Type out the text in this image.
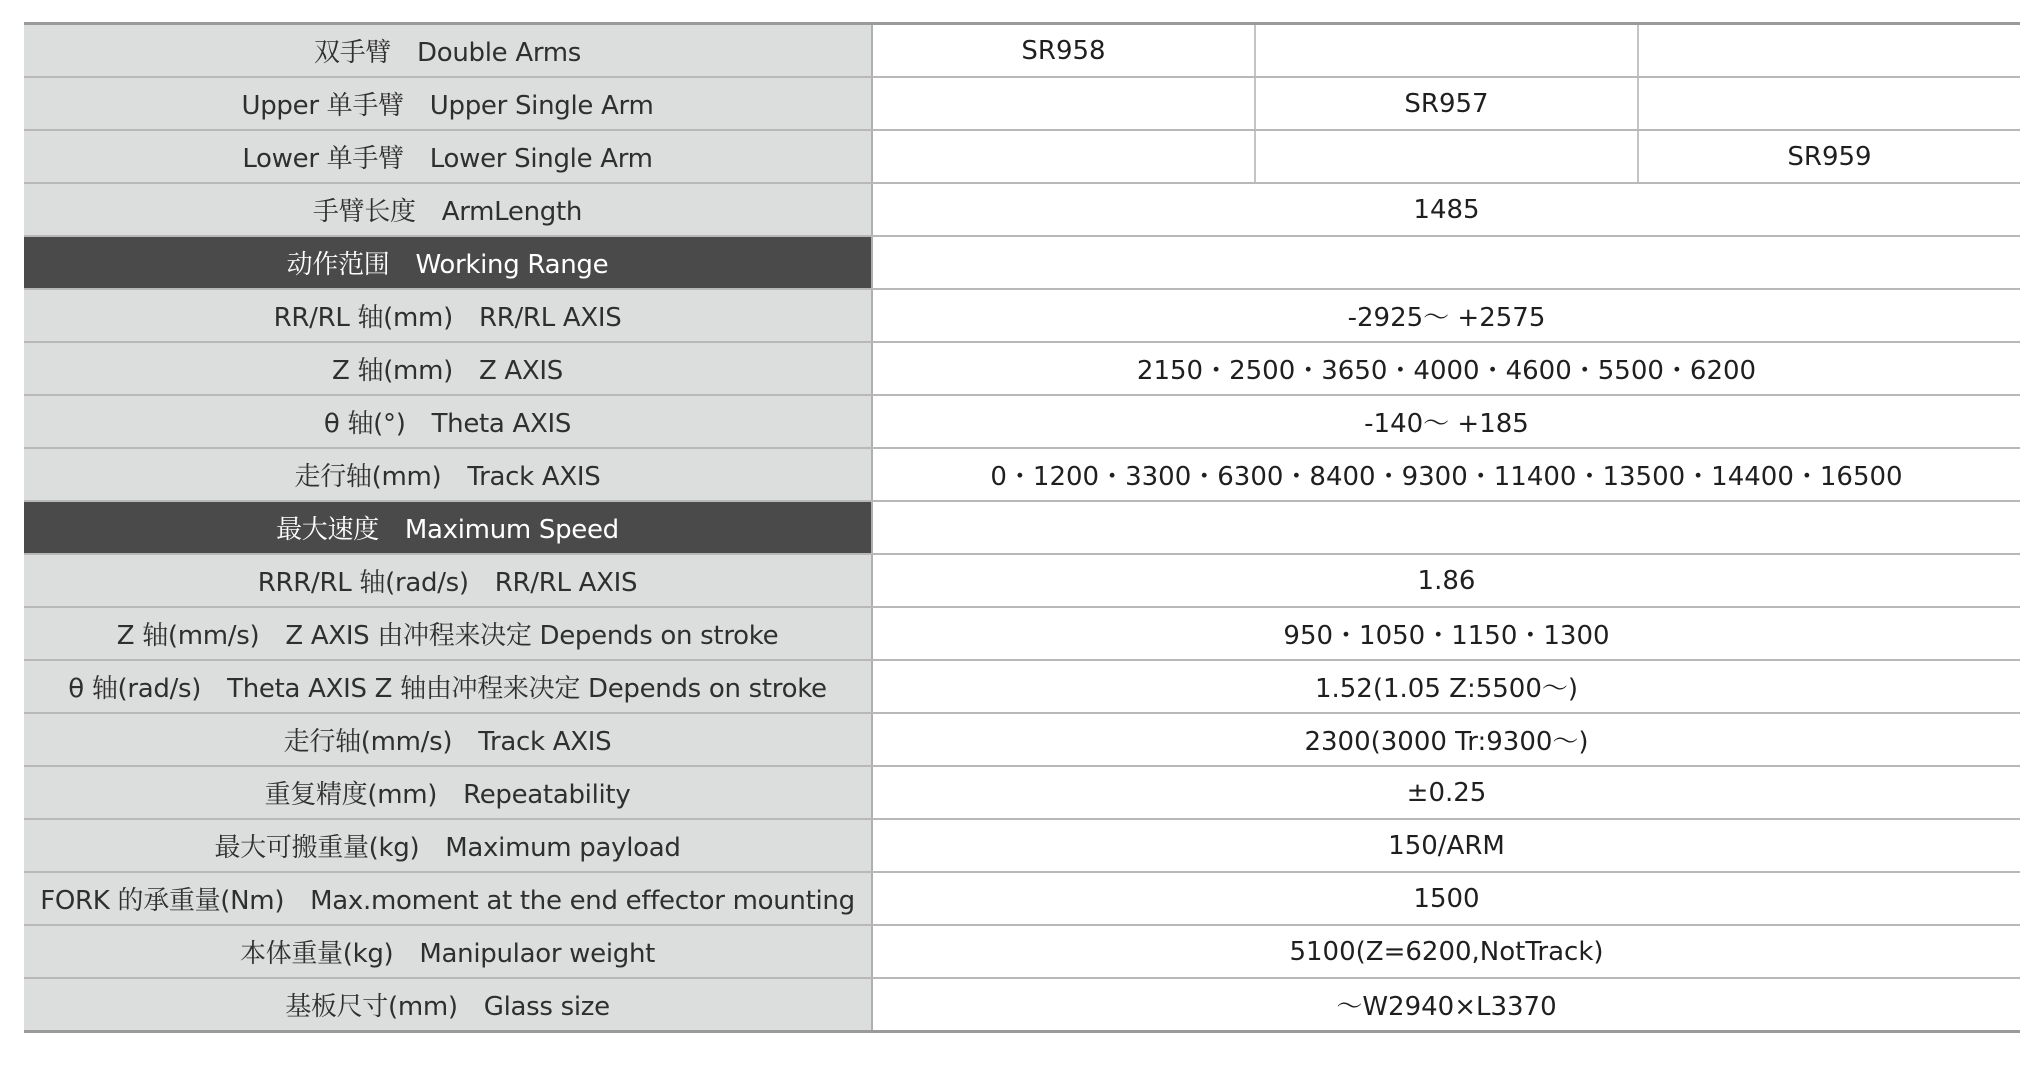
双手臂 Double Arms	SR958		
Upper 单手臂 Upper Single Arm		SR957	
Lower 单手臂 Lower Single Arm			SR959
手臂长度 ArmLength	1485		
动作范围 Working Range			
RR/RL 轴(mm) RR/RL AXIS	-2925～ +2575		
Z 轴(mm) Z AXIS	2150・2500・3650・4000・4600・5500・6200		
θ 轴(°) Theta AXIS	-140～ +185		
走行轴(mm) Track AXIS	0・1200・3300・6300・8400・9300・11400・13500・14400・16500		
最大速度 Maximum Speed			
RRR/RL 轴(rad/s) RR/RL AXIS	1.86		
Z 轴(mm/s) Z AXIS 由冲程来决定 Depends on stroke	950・1050・1150・1300		
θ 轴(rad/s) Theta AXIS Z 轴由冲程来决定 Depends on stroke	1.52(1.05 Z:5500～)		
走行轴(mm/s) Track AXIS	2300(3000 Tr:9300～)		
重复精度(mm) Repeatability	±0.25		
最大可搬重量(kg) Maximum payload	150/ARM		
FORK 的承重量(Nm) Max.moment at the end effector mounting	1500		
本体重量(kg) Manipulaor weight	5100(Z=6200,NotTrack)		
基板尺寸(mm) Glass size	～W2940×L3370		
